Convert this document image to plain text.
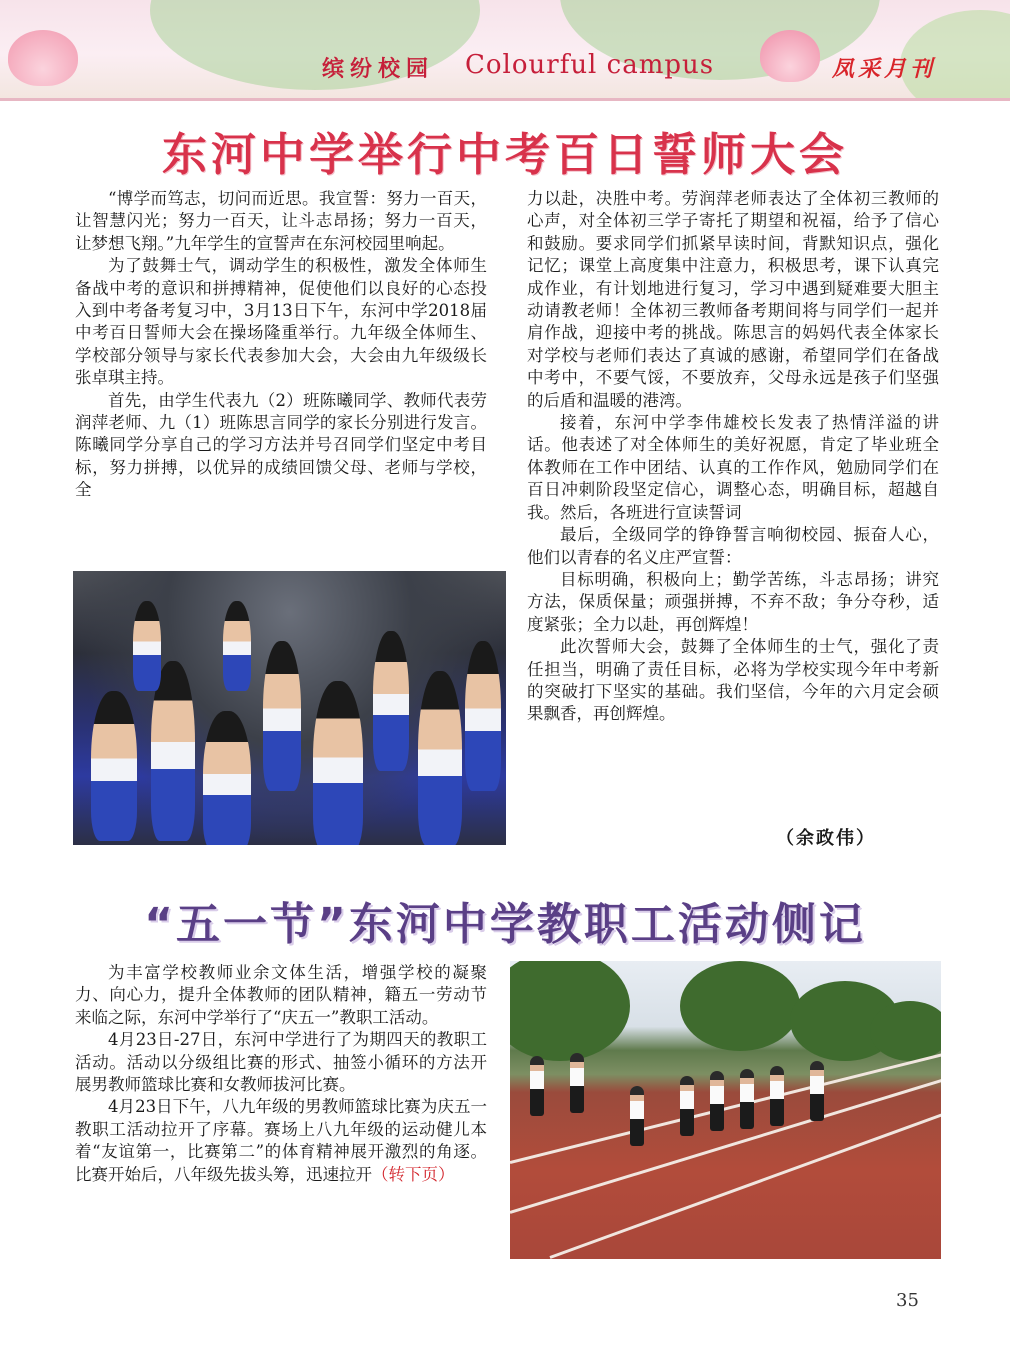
缤纷校园 Colourful campus	凤采月刊
东河中学举行中考百日誓师大会

“博学而笃志，切问而近思。我宣誓：努力一百天，让智慧闪光；努力一百天，让斗志昂扬；努力一百天，让梦想飞翔。”九年学生的宣誓声在东河校园里响起。

为了鼓舞士气，调动学生的积极性，激发全体师生备战中考的意识和拼搏精神，促使他们以良好的心态投入到中考备考复习中，3月13日下午，东河中学2018届中考百日誓师大会在操场隆重举行。九年级全体师生、学校部分领导与家长代表参加大会，大会由九年级级长张卓琪主持。

首先，由学生代表九（2）班陈曦同学、教师代表劳润萍老师、九（1）班陈思言同学的家长分别进行发言。陈曦同学分享自己的学习方法并号召同学们坚定中考目标，努力拼搏，以优异的成绩回馈父母、老师与学校，全

力以赴，决胜中考。劳润萍老师表达了全体初三教师的心声，对全体初三学子寄托了期望和祝福，给予了信心和鼓励。要求同学们抓紧早读时间，背默知识点，强化记忆；课堂上高度集中注意力，积极思考，课下认真完成作业，有计划地进行复习，学习中遇到疑难要大胆主动请教老师！全体初三教师备考期间将与同学们一起并肩作战，迎接中考的挑战。陈思言的妈妈代表全体家长对学校与老师们表达了真诚的感谢，希望同学们在备战中考中，不要气馁，不要放弃，父母永远是孩子们坚强的后盾和温暖的港湾。

接着，东河中学李伟雄校长发表了热情洋溢的讲话。他表述了对全体师生的美好祝愿，肯定了毕业班全体教师在工作中团结、认真的工作作风，勉励同学们在百日冲刺阶段坚定信心，调整心态，明确目标，超越自我。然后，各班进行宣读誓词

最后，全级同学的铮铮誓言响彻校园、振奋人心，他们以青春的名义庄严宣誓：

目标明确，积极向上；勤学苦练，斗志昂扬；讲究方法，保质保量；顽强拼搏，不弃不敌；争分夺秒，适度紧张；全力以赴，再创辉煌！

此次誓师大会，鼓舞了全体师生的士气，强化了责任担当，明确了责任目标，必将为学校实现今年中考新的突破打下坚实的基础。我们坚信，今年的六月定会硕果飘香，再创辉煌。

（余政伟）
“五一节”东河中学教职工活动侧记

为丰富学校教师业余文体生活，增强学校的凝聚力、向心力，提升全体教师的团队精神，籍五一劳动节来临之际，东河中学举行了“庆五一”教职工活动。

4月23日-27日，东河中学进行了为期四天的教职工活动。活动以分级组比赛的形式、抽签小循环的方法开展男教师篮球比赛和女教师拔河比赛。

4月23日下午，八九年级的男教师篮球比赛为庆五一教职工活动拉开了序幕。赛场上八九年级的运动健儿本着“友谊第一，比赛第二”的体育精神展开激烈的角逐。比赛开始后，八年级先拔头筹，迅速拉开（转下页）

35
